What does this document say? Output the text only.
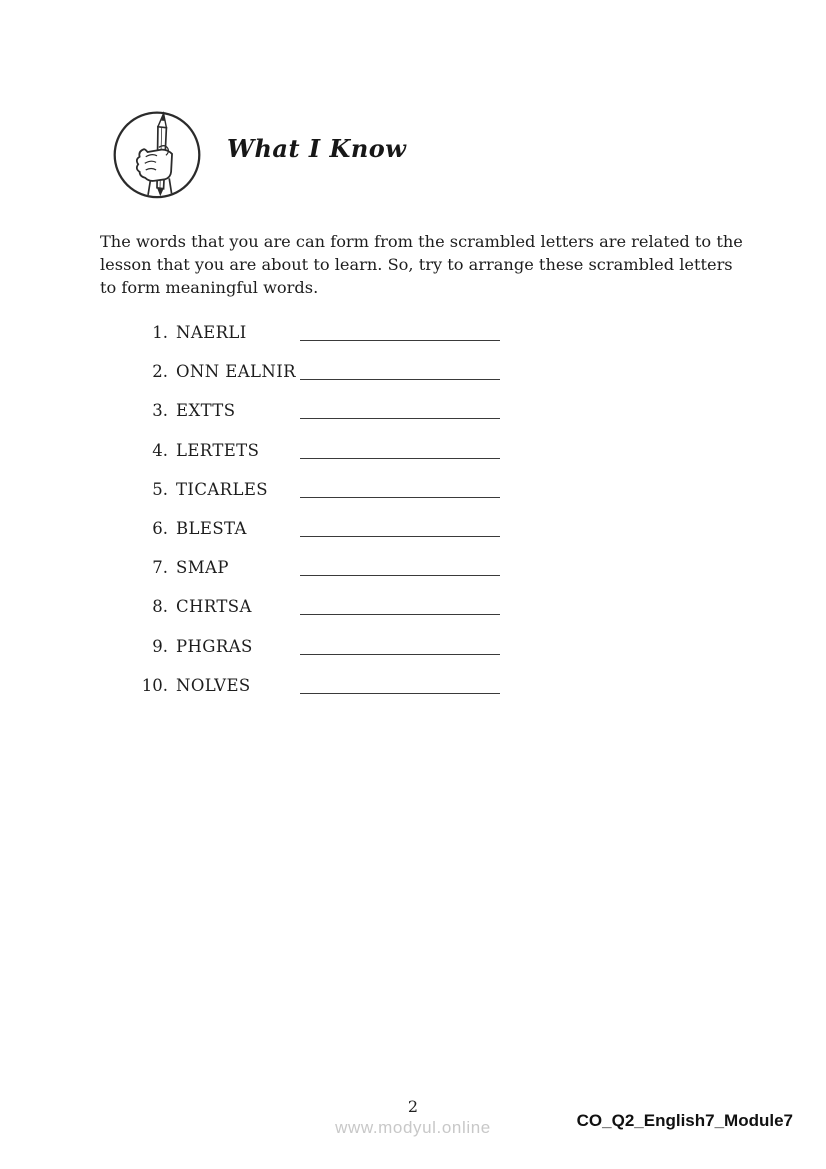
What I Know
The words that you are can form from the scrambled letters are related to the
lesson that you are about to learn. So, try to arrange these scrambled letters
to form meaningful words.
1. NAERLI
2. ONN EALNIR
3. EXTTS
4. LERTETS
5. TICARLES
6. BLESTA
7. SMAP
8. CHRTSA
9. PHGRAS
10. NOLVES
2
www.modyul.online	CO_Q2_English7_Module7
